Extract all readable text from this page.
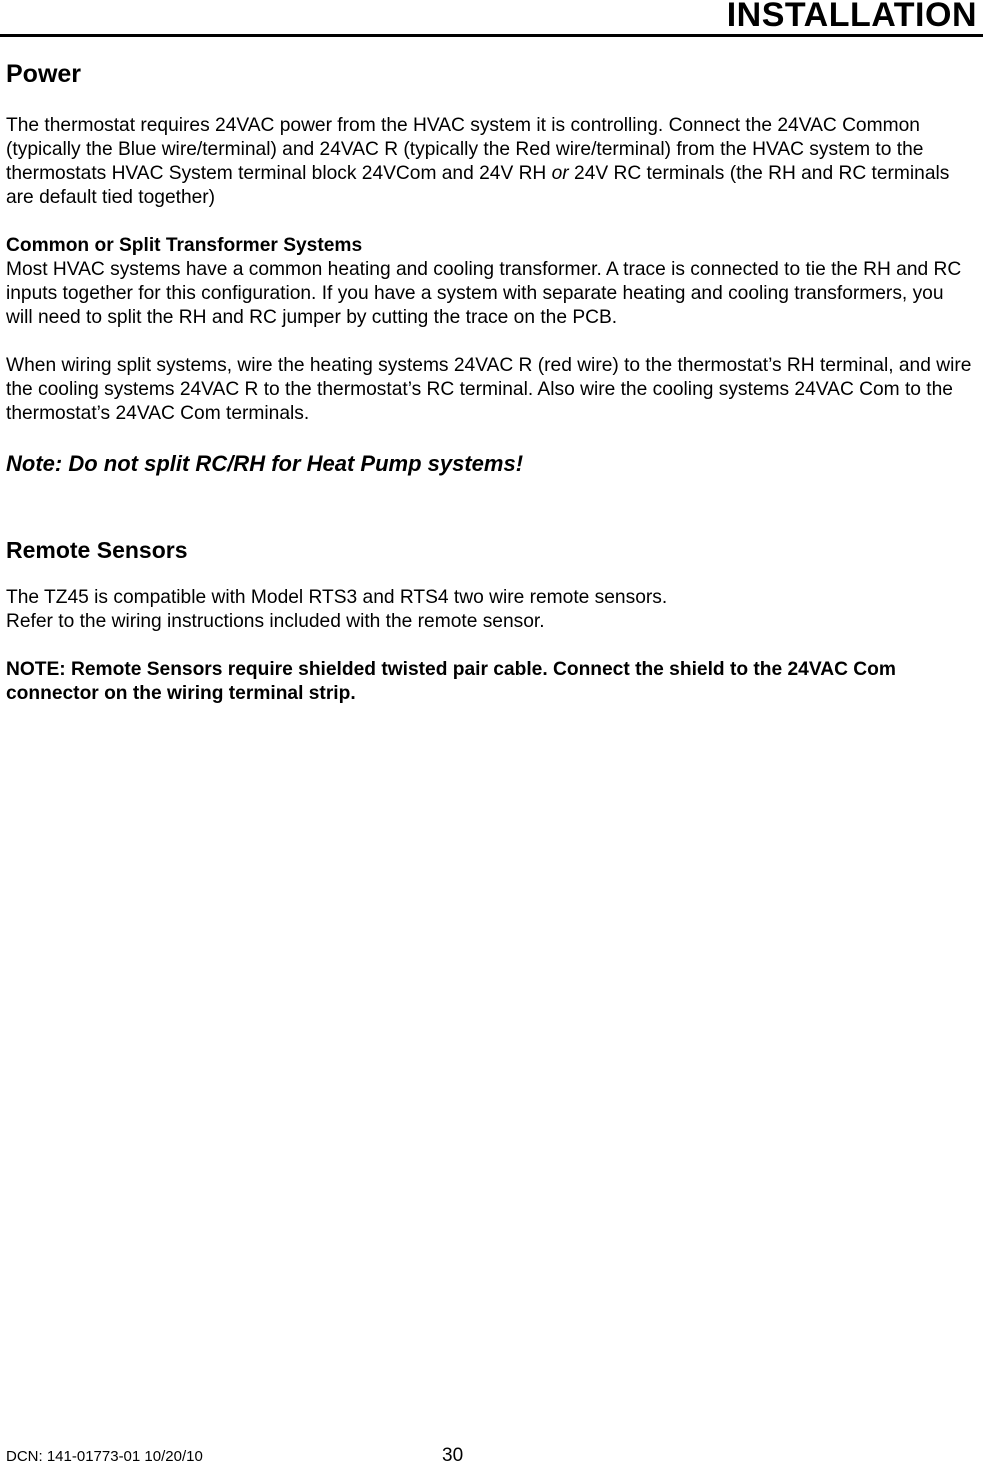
INSTALLATION
Power

The thermostat requires 24VAC power from the HVAC system it is controlling. Connect the 24VAC Common (typically the Blue wire/terminal) and 24VAC R (typically the Red wire/terminal) from the HVAC system to the thermostats HVAC System terminal block 24VCom and 24V RH or 24V RC terminals (the RH and RC terminals are default tied together)

Common or Split Transformer Systems

Most HVAC systems have a common heating and cooling transformer. A trace is connected to tie the RH and RC inputs together for this configuration. If you have a system with separate heating and cooling transformers, you will need to split the RH and RC jumper by cutting the trace on the PCB.

When wiring split systems, wire the heating systems 24VAC R (red wire) to the thermostat’s RH terminal, and wire the cooling systems 24VAC R to the thermostat’s RC terminal. Also wire the cooling systems 24VAC Com to the thermostat’s 24VAC Com terminals.

Note: Do not split RC/RH for Heat Pump systems!

Remote Sensors

The TZ45 is compatible with Model RTS3 and RTS4 two wire remote sensors.

Refer to the wiring instructions included with the remote sensor.

NOTE: Remote Sensors require shielded twisted pair cable. Connect the shield to the 24VAC Com connector on the wiring terminal strip.

DCN: 141-01773-01 10/20/10	30
